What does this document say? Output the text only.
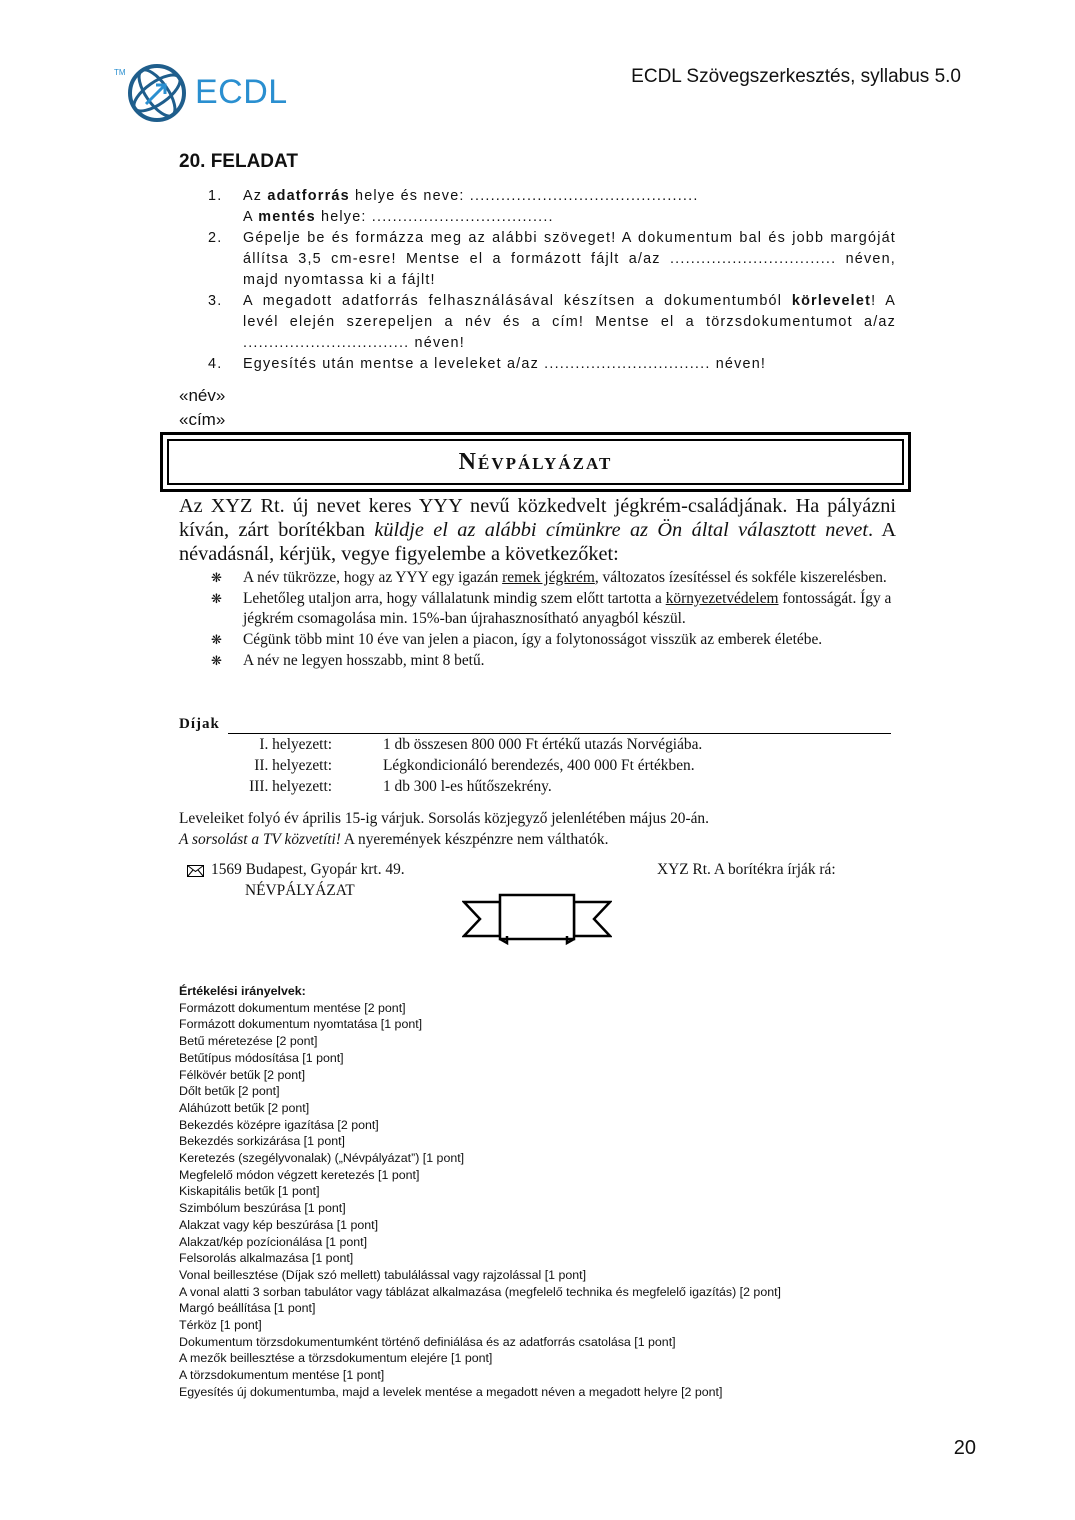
TM
ECDL	ECDL Szövegszerkesztés, syllabus 5.0
20. FELADAT
1. Az adatforrás helye és neve: ............................................
A mentés helye: ...................................
2. Gépelje be és formázza meg az alábbi szöveget! A dokumentum bal és jobb margóját állítsa 3,5 cm-esre! Mentse el a formázott fájlt a/az ................................ néven, majd nyomtassa ki a fájlt!
3. A megadott adatforrás felhasználásával készítsen a dokumentumból körlevelet! A levél elején szerepeljen a név és a cím! Mentse el a törzsdokumentumot a/az ................................ néven!
4. Egyesítés után mentse a leveleket a/az ................................ néven!
«név»
«cím»
Névpályázat
Az XYZ Rt. új nevet keres YYY nevű közkedvelt jégkrém-családjának. Ha pályázni kíván, zárt borítékban küldje el az alábbi címünkre az Ön által választott nevet. A névadásnál, kérjük, vegye figyelembe a következőket:
❋ A név tükrözze, hogy az YYY egy igazán remek jégkrém, változatos ízesítéssel és sokféle kiszerelésben.
❋ Lehetőleg utaljon arra, hogy vállalatunk mindig szem előtt tartotta a környezetvédelem fontosságát. Így a jégkrém csomagolása min. 15%-ban újrahasznosítható anyagból készül.
❋ Cégünk több mint 10 éve van jelen a piacon, így a folytonosságot visszük az emberek életébe.
❋ A név ne legyen hosszabb, mint 8 betű.
Díjak
I. helyezett:	1 db összesen 800 000 Ft értékű utazás Norvégiába.
II. helyezett:	Légkondicionáló berendezés, 400 000 Ft értékben.
III. helyezett:	1 db 300 l-es hűtőszekrény.
Leveleiket folyó év április 15-ig várjuk. Sorsolás közjegyző jelenlétében május 20-án.
A sorsolást a TV közvetíti! A nyeremények készpénzre nem válthatók.
1569 Budapest, Gyopár krt. 49.
NÉVPÁLYÁZAT
XYZ Rt. A borítékra írják rá:
Értékelési irányelvek:
Formázott dokumentum mentése [2 pont]
Formázott dokumentum nyomtatása [1 pont]
Betű méretezése [2 pont]
Betűtípus módosítása [1 pont]
Félkövér betűk [2 pont]
Dőlt betűk [2 pont]
Aláhúzott betűk [2 pont]
Bekezdés középre igazítása [2 pont]
Bekezdés sorkizárása [1 pont]
Keretezés (szegélyvonalak) („Névpályázat”) [1 pont]
Megfelelő módon végzett keretezés [1 pont]
Kiskapitális betűk [1 pont]
Szimbólum beszúrása [1 pont]
Alakzat vagy kép beszúrása [1 pont]
Alakzat/kép pozícionálása [1 pont]
Felsorolás alkalmazása [1 pont]
Vonal beillesztése (Díjak szó mellett) tabulálással vagy rajzolással [1 pont]
A vonal alatti 3 sorban tabulátor vagy táblázat alkalmazása (megfelelő technika és megfelelő igazítás) [2 pont]
Margó beállítása [1 pont]
Térköz [1 pont]
Dokumentum törzsdokumentumként történő definiálása és az adatforrás csatolása [1 pont]
A mezők beillesztése a törzsdokumentum elejére [1 pont]
A törzsdokumentum mentése [1 pont]
Egyesítés új dokumentumba, majd a levelek mentése a megadott néven a megadott helyre [2 pont]
20
